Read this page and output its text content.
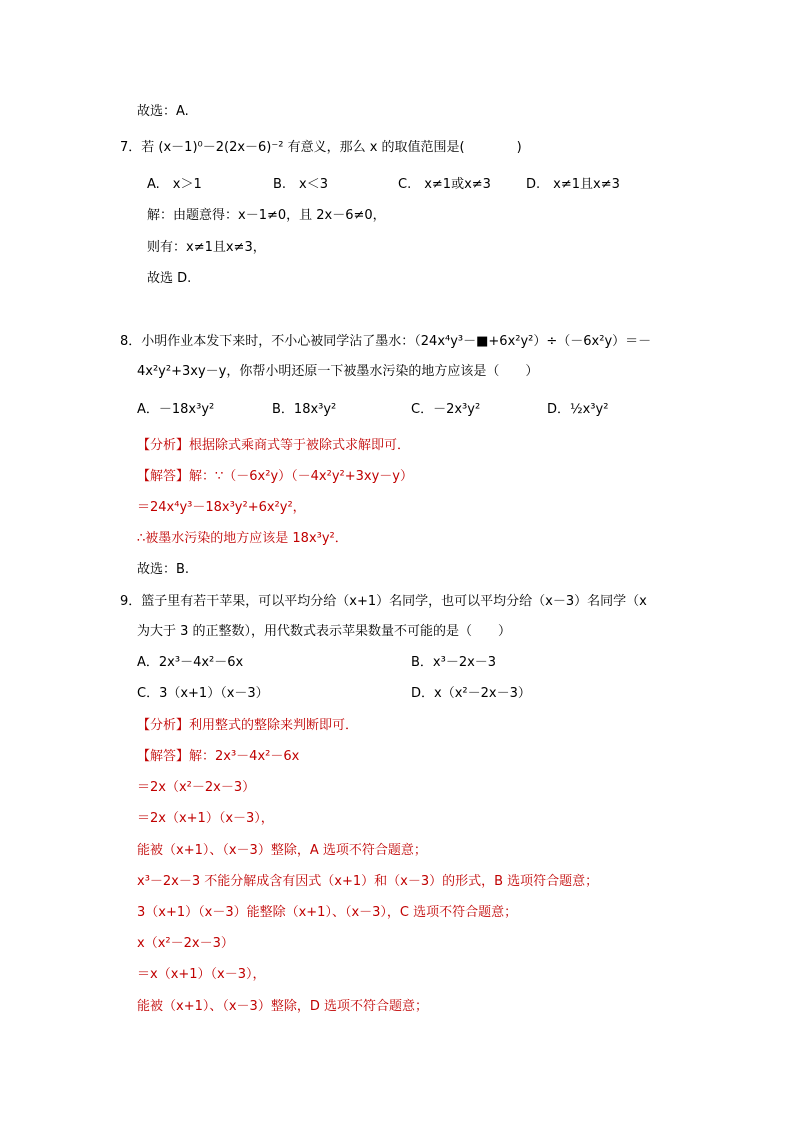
故选：A.
7．若 (x－1)⁰－2(2x－6)⁻² 有意义，那么 x 的取值范围是(　　　　)
A.　x＞1	B.　x＜3	C.　x≠1或x≠3	D.　x≠1且x≠3
解：由题意得：x－1≠0，且 2x－6≠0，
则有：x≠1且x≠3，
故选 D.
8．小明作业本发下来时，不小心被同学沾了墨水：（24x⁴y³－■+6x²y²）÷（－6x²y）＝－
4x²y²+3xy－y，你帮小明还原一下被墨水污染的地方应该是（　　）
A．－18x³y²	B．18x³y²	C．－2x³y²	D．½x³y²
【分析】根据除式乘商式等于被除式求解即可．
【解答】解：∵（－6x²y）（－4x²y²+3xy－y）
＝24x⁴y³－18x³y²+6x²y²，
∴被墨水污染的地方应该是 18x³y²．
故选：B.
9．篮子里有若干苹果，可以平均分给（x+1）名同学，也可以平均分给（x－3）名同学（x
为大于 3 的正整数），用代数式表示苹果数量不可能的是（　　）
A．2x³－4x²－6x	B．x³－2x－3
C．3（x+1）（x－3）	D．x（x²－2x－3）
【分析】利用整式的整除来判断即可．
【解答】解：2x³－4x²－6x
＝2x（x²－2x－3）
＝2x（x+1）（x－3），
能被（x+1）、（x－3）整除，A 选项不符合题意；
x³－2x－3 不能分解成含有因式（x+1）和（x－3）的形式，B 选项符合题意；
3（x+1）（x－3）能整除（x+1）、（x－3），C 选项不符合题意；
x（x²－2x－3）
＝x（x+1）（x－3），
能被（x+1）、（x－3）整除，D 选项不符合题意；
